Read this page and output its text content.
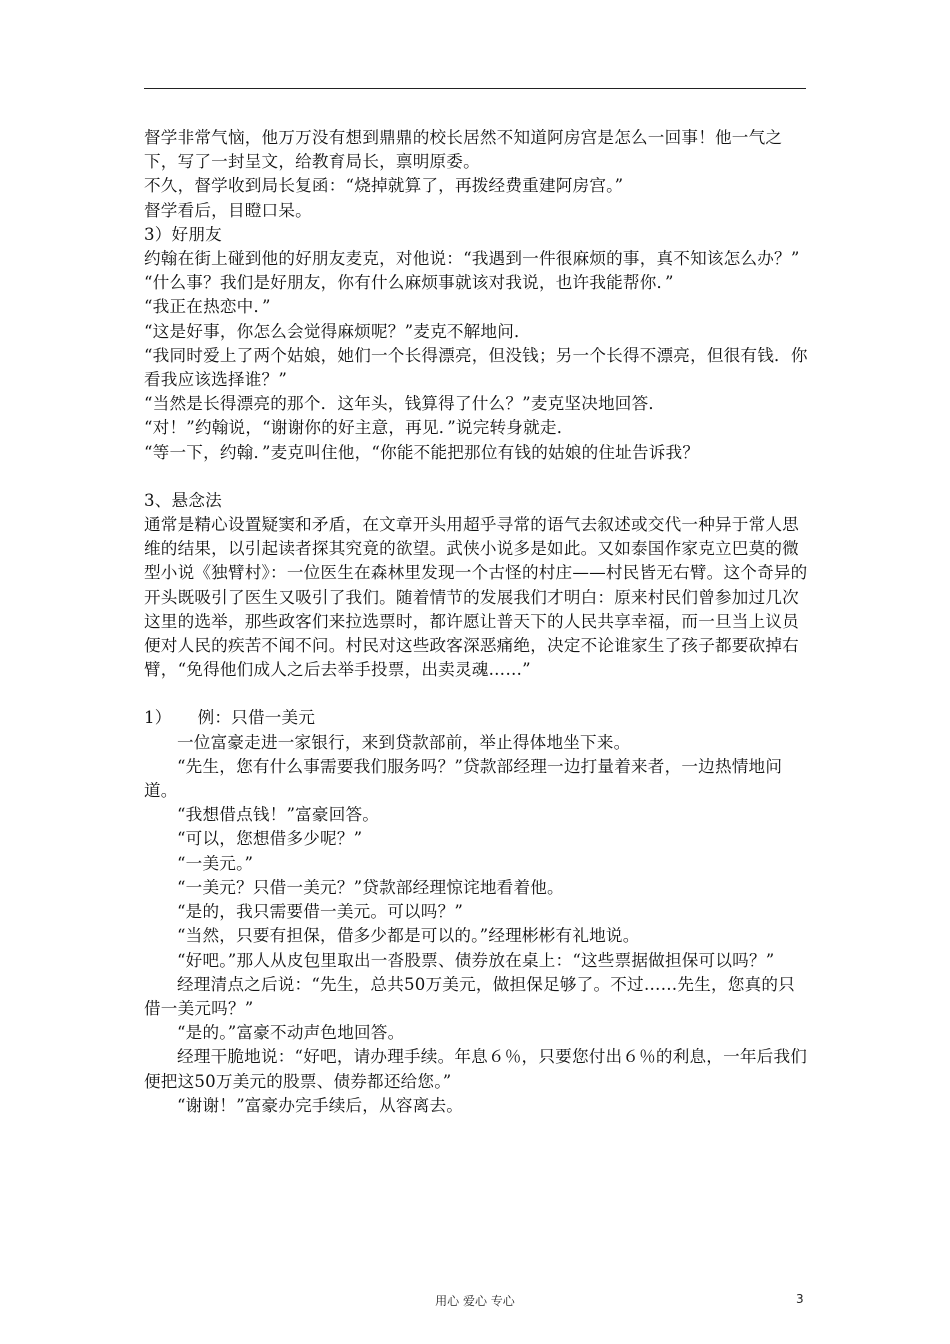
督学非常气恼，他万万没有想到鼎鼎的校长居然不知道阿房宫是怎么一回事！他一气之下，写了一封呈文，给教育局长，禀明原委。

不久，督学收到局长复函：“烧掉就算了，再拨经费重建阿房宫。”

督学看后，目瞪口呆。

3）好朋友

约翰在街上碰到他的好朋友麦克，对他说：“我遇到一件很麻烦的事，真不知该怎么办？”

“什么事？我们是好朋友，你有什么麻烦事就该对我说，也许我能帮你．”

“我正在热恋中．”

“这是好事，你怎么会觉得麻烦呢？”麦克不解地问．

“我同时爱上了两个姑娘，她们一个长得漂亮，但没钱；另一个长得不漂亮，但很有钱．你看我应该选择谁？”

“当然是长得漂亮的那个．这年头，钱算得了什么？”麦克坚决地回答．

“对！”约翰说，“谢谢你的好主意，再见．”说完转身就走．

“等一下，约翰．”麦克叫住他，“你能不能把那位有钱的姑娘的住址告诉我？

3、悬念法

通常是精心设置疑窦和矛盾，在文章开头用超乎寻常的语气去叙述或交代一种异于常人思维的结果，以引起读者探其究竟的欲望。武侠小说多是如此。又如泰国作家克立巴莫的微型小说《独臂村》：一位医生在森林里发现一个古怪的村庄——村民皆无右臂。这个奇异的开头既吸引了医生又吸引了我们。随着情节的发展我们才明白：原来村民们曾参加过几次这里的选举，那些政客们来拉选票时，都许愿让普天下的人民共享幸福，而一旦当上议员便对人民的疾苦不闻不问。村民对这些政客深恶痛绝，决定不论谁家生了孩子都要砍掉右臂，“免得他们成人之后去举手投票，出卖灵魂……”

1） 例：只借一美元

一位富豪走进一家银行，来到贷款部前，举止得体地坐下来。

“先生，您有什么事需要我们服务吗？”贷款部经理一边打量着来者，一边热情地问道。

“我想借点钱！”富豪回答。

“可以，您想借多少呢？”

“一美元。”

“一美元？只借一美元？”贷款部经理惊诧地看着他。

“是的，我只需要借一美元。可以吗？”

“当然，只要有担保，借多少都是可以的。”经理彬彬有礼地说。

“好吧。”那人从皮包里取出一沓股票、债券放在桌上：“这些票据做担保可以吗？”

经理清点之后说：“先生，总共50万美元，做担保足够了。不过……先生，您真的只借一美元吗？”

“是的。”富豪不动声色地回答。

经理干脆地说：“好吧，请办理手续。年息６％，只要您付出６％的利息，一年后我们便把这50万美元的股票、债券都还给您。”

“谢谢！”富豪办完手续后，从容离去。

用心 爱心 专心	3
